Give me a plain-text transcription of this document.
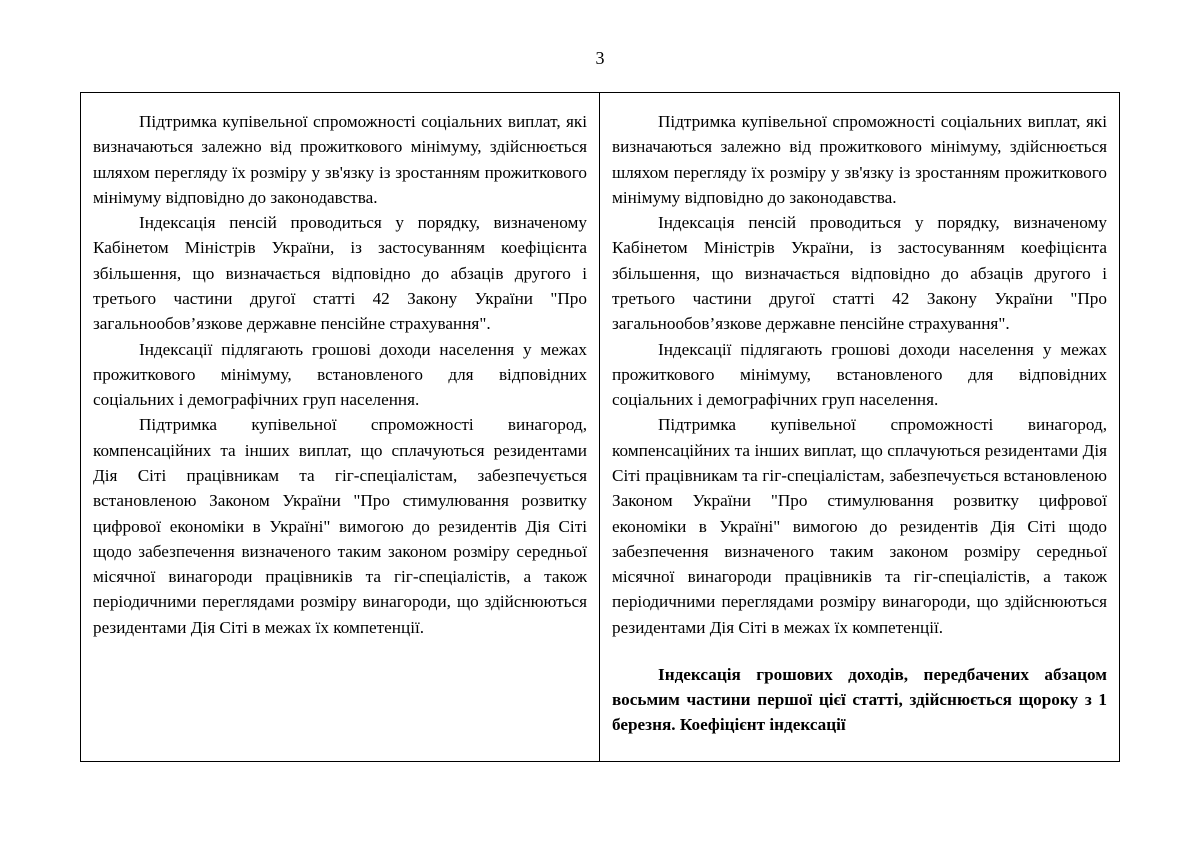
3

Підтримка купівельної спроможності соціальних виплат, які визначаються залежно від прожиткового мінімуму, здійснюється шляхом перегляду їх розміру у зв'язку із зростанням прожиткового мінімуму відповідно до законодавства.

Індексація пенсій проводиться у порядку, визначеному Кабінетом Міністрів України, із застосуванням коефіцієнта збільшення, що визначається відповідно до абзаців другого і третього частини другої статті 42 Закону України "Про загальнообов’язкове державне пенсійне страхування".

Індексації підлягають грошові доходи населення у межах прожиткового мінімуму, встановленого для відповідних соціальних і демографічних груп населення.

Підтримка купівельної спроможності винагород, компенсаційних та інших виплат, що сплачуються резидентами Дія Сіті працівникам та гіг-спеціалістам, забезпечується встановленою Законом України "Про стимулювання розвитку цифрової економіки в Україні" вимогою до резидентів Дія Сіті щодо забезпечення визначеного таким законом розміру середньої місячної винагороди працівників та гіг-спеціалістів, а також періодичними переглядами розміру винагороди, що здійснюються резидентами Дія Сіті в межах їх компетенції.

Підтримка купівельної спроможності соціальних виплат, які визначаються залежно від прожиткового мінімуму, здійснюється шляхом перегляду їх розміру у зв'язку із зростанням прожиткового мінімуму відповідно до законодавства.

Індексація пенсій проводиться у порядку, визначеному Кабінетом Міністрів України, із застосуванням коефіцієнта збільшення, що визначається відповідно до абзаців другого і третього частини другої статті 42 Закону України "Про загальнообов’язкове державне пенсійне страхування".

Індексації підлягають грошові доходи населення у межах прожиткового мінімуму, встановленого для відповідних соціальних і демографічних груп населення.

Підтримка купівельної спроможності винагород, компенсаційних та інших виплат, що сплачуються резидентами Дія Сіті працівникам та гіг-спеціалістам, забезпечується встановленою Законом України "Про стимулювання розвитку цифрової економіки в Україні" вимогою до резидентів Дія Сіті щодо забезпечення визначеного таким законом розміру середньої місячної винагороди працівників та гіг-спеціалістів, а також періодичними переглядами розміру винагороди, що здійснюються резидентами Дія Сіті в межах їх компетенції.

Індексація грошових доходів, передбачених абзацом восьмим частини першої цієї статті, здійснюється щороку з 1 березня. Коефіцієнт індексації
